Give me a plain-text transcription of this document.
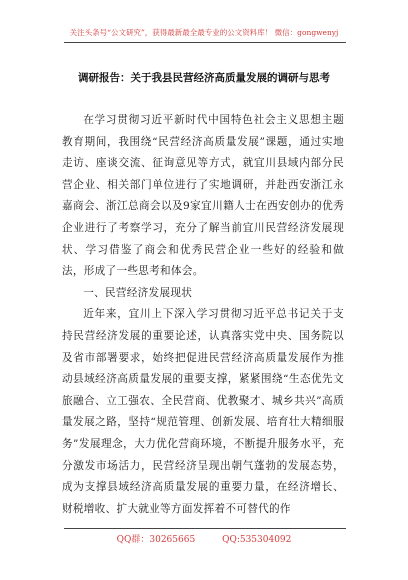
关注头条号“公文研究”，获得最新最全最专业的公文资料库！ 微信：gongwenyj
调研报告：关于我县民营经济高质量发展的调研与思考

在学习贯彻习近平新时代中国特色社会主义思想主题教育期间，我围绕“民营经济高质量发展”课题，通过实地走访、座谈交流、征询意见等方式，就宜川县域内部分民营企业、相关部门单位进行了实地调研，并赴西安浙江永嘉商会、浙江总商会以及9家宜川籍人士在西安创办的优秀企业进行了考察学习，充分了解当前宜川民营经济发展现状、学习借鉴了商会和优秀民营企业一些好的经验和做法，形成了一些思考和体会。

一、民营经济发展现状

近年来，宜川上下深入学习贯彻习近平总书记关于支持民营经济发展的重要论述，认真落实党中央、国务院以及省市部署要求，始终把促进民营经济高质量发展作为推动县域经济高质量发展的重要支撑，紧紧围绕“生态优先文旅融合、立工强农、全民营商、优教聚才、城乡共兴”高质量发展之路，坚持“规范管理、创新发展、培育壮大精细服务”发展理念，大力优化营商环境，不断提升服务水平，充分激发市场活力，民营经济呈现出朝气蓬勃的发展态势，成为支撑县域经济高质量发展的重要力量，在经济增长、财税增收、扩大就业等方面发挥着不可替代的作

QQ群：30265665	QQ:535304092
